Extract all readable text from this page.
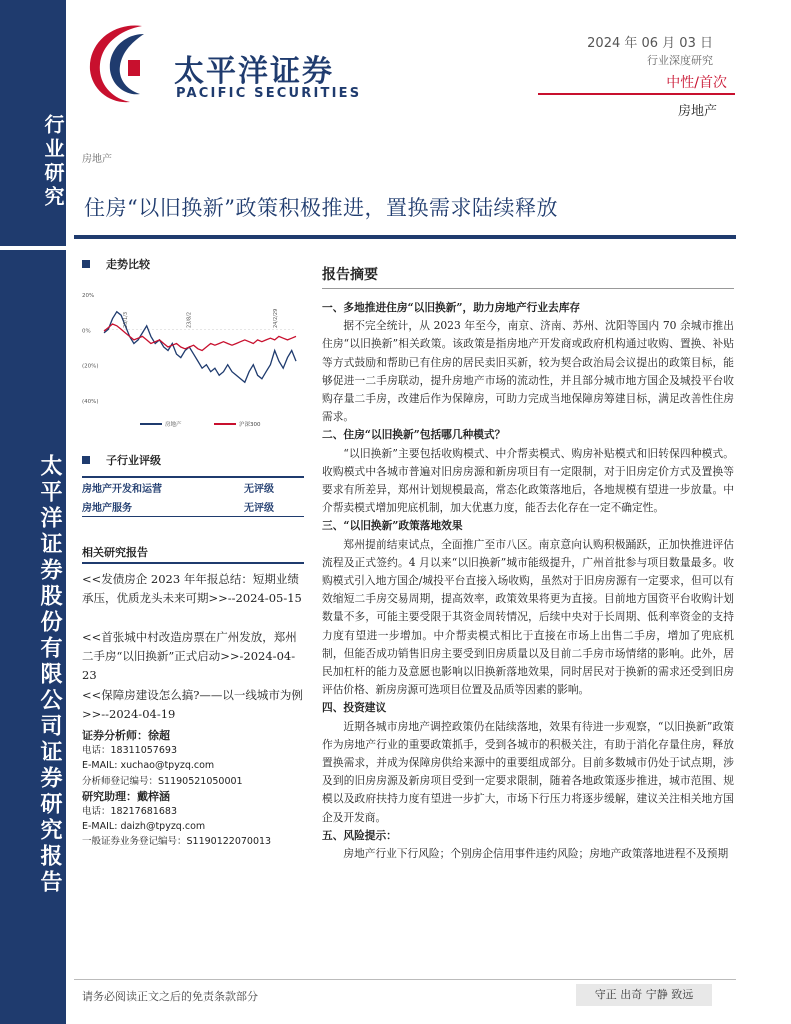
行业研究
太平洋证券股份有限公司证券研究报告
太平洋证券
PACIFIC SECURITIES
2024 年 06 月 03 日
行业深度研究
中性/首次
房地产
房地产
住房“以旧换新”政策积极推进，置换需求陆续释放
走势比较
20%
0%
(20%)
(40%)
23/1/3	23/8/2	24/2/29
房地产	沪深300
子行业评级
房地产开发和运营	无评级
房地产服务	无评级
相关研究报告
<<发债房企 2023 年年报总结：短期业绩承压，优质龙头未来可期>>--2024-05-15
<<首张城中村改造房票在广州发放，郑州二手房“以旧换新”正式启动>>-2024-04-23
<<保障房建设怎么搞?——以一线城市为例>>--2024-04-19
证券分析师：徐超
电话：18311057693
E-MAIL: xuchao@tpyzq.com
分析师登记编号：S1190521050001
研究助理：戴梓涵
电话：18217681683
E-MAIL: daizh@tpyzq.com
一般证券业务登记编号：S1190122070013
报告摘要
一、多地推进住房“以旧换新”，助力房地产行业去库存
据不完全统计，从 2023 年至今，南京、济南、苏州、沈阳等国内 70 余城市推出住房“以旧换新”相关政策。该政策是指房地产开发商或政府机构通过收购、置换、补贴等方式鼓励和帮助已有住房的居民卖旧买新，较为契合政治局会议提出的政策目标，能够促进一二手房联动，提升房地产市场的流动性，并且部分城市地方国企及城投平台收购存量二手房，改建后作为保障房，可助力完成当地保障房筹建目标，满足改善性住房需求。
二、住房“以旧换新”包括哪几种模式？
“以旧换新”主要包括收购模式、中介帮卖模式、购房补贴模式和旧转保四种模式。收购模式中各城市普遍对旧房房源和新房项目有一定限制，对于旧房定价方式及置换等要求有所差异，郑州计划规模最高，常态化政策落地后，各地规模有望进一步放量。中介帮卖模式增加兜底机制，加大优惠力度，能否去化存在一定不确定性。
三、“以旧换新”政策落地效果
郑州提前结束试点，全面推广至市八区。南京意向认购积极踊跃，正加快推进评估流程及正式签约。4 月以来“以旧换新”城市能级提升，广州首批参与项目数量最多。收购模式引入地方国企/城投平台直接入场收购，虽然对于旧房房源有一定要求，但可以有效缩短二手房交易周期，提高效率，政策效果将更为直接。目前地方国资平台收购计划数量不多，可能主要受限于其资金周转情况，后续中央对于长周期、低利率资金的支持力度有望进一步增加。中介帮卖模式相比于直接在市场上出售二手房，增加了兜底机制，但能否成功销售旧房主要受到旧房质量以及目前二手房市场情绪的影响。此外，居民加杠杆的能力及意愿也影响以旧换新落地效果，同时居民对于换新的需求还受到旧房评估价格、新房房源可选项目位置及品质等因素的影响。
四、投资建议
近期各城市房地产调控政策仍在陆续落地，效果有待进一步观察，“以旧换新”政策作为房地产行业的重要政策抓手，受到各城市的积极关注，有助于消化存量住房，释放置换需求，并成为保障房供给来源中的重要组成部分。目前多数城市仍处于试点期，涉及到的旧房房源及新房项目受到一定要求限制，随着各地政策逐步推进，城市范围、规模以及政府扶持力度有望进一步扩大，市场下行压力将逐步缓解，建议关注相关地方国企及开发商。
五、风险提示：
房地产行业下行风险；个别房企信用事件违约风险；房地产政策落地进程不及预期
请务必阅读正文之后的免责条款部分	守正 出奇 宁静 致远
